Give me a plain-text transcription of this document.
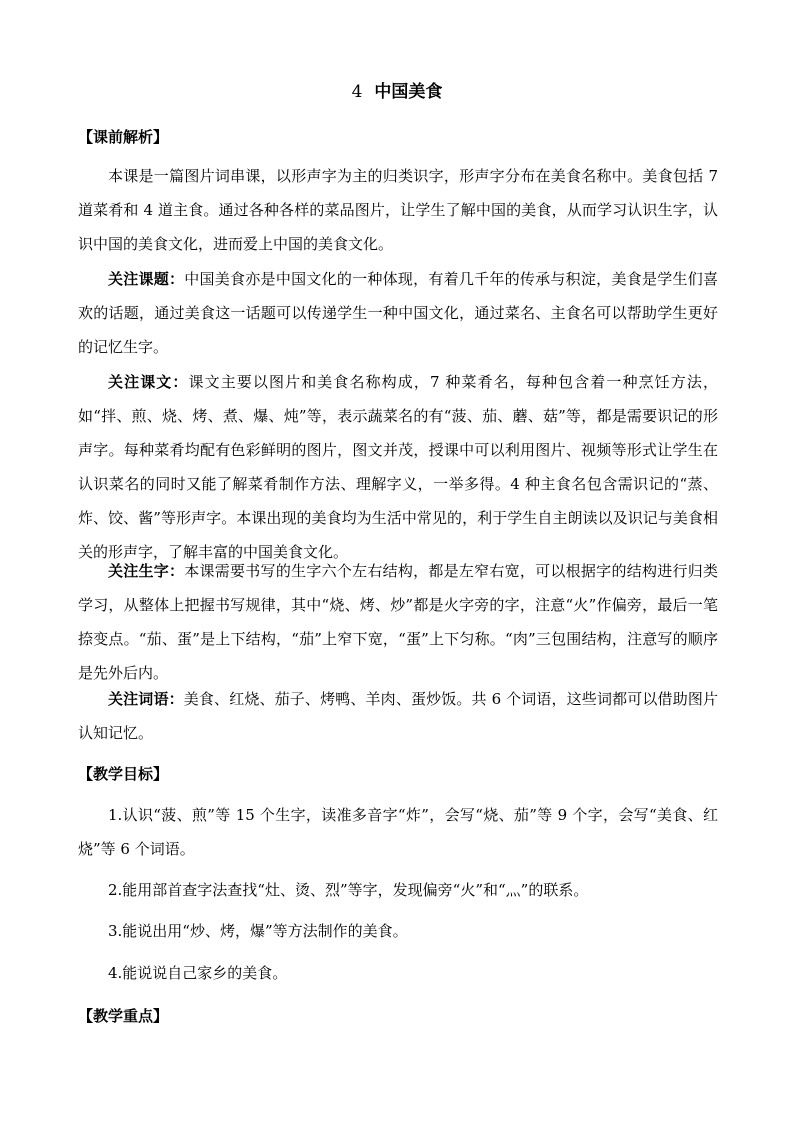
4 中国美食
【课前解析】
本课是一篇图片词串课，以形声字为主的归类识字，形声字分布在美食名称中。美食包括 7 道菜肴和 4 道主食。通过各种各样的菜品图片，让学生了解中国的美食，从而学习认识生字，认识中国的美食文化，进而爱上中国的美食文化。
关注课题：中国美食亦是中国文化的一种体现，有着几千年的传承与积淀，美食是学生们喜欢的话题，通过美食这一话题可以传递学生一种中国文化，通过菜名、主食名可以帮助学生更好的记忆生字。
关注课文：课文主要以图片和美食名称构成，7 种菜肴名，每种包含着一种烹饪方法，如“拌、煎、烧、烤、煮、爆、炖”等，表示蔬菜名的有“菠、茄、蘑、菇”等，都是需要识记的形声字。每种菜肴均配有色彩鲜明的图片，图文并茂，授课中可以利用图片、视频等形式让学生在认识菜名的同时又能了解菜肴制作方法、理解字义，一举多得。4 种主食名包含需识记的“蒸、炸、饺、酱”等形声字。本课出现的美食均为生活中常见的，利于学生自主朗读以及识记与美食相关的形声字，了解丰富的中国美食文化。
关注生字：本课需要书写的生字六个左右结构，都是左窄右宽，可以根据字的结构进行归类学习，从整体上把握书写规律，其中“烧、烤、炒”都是火字旁的字，注意“火”作偏旁，最后一笔捺变点。“茄、蛋”是上下结构，“茄”上窄下宽，“蛋”上下匀称。“肉”三包围结构，注意写的顺序是先外后内。
关注词语：美食、红烧、茄子、烤鸭、羊肉、蛋炒饭。共 6 个词语，这些词都可以借助图片认知记忆。
【教学目标】
1.认识“菠、煎”等 15 个生字，读准多音字“炸”，会写“烧、茄”等 9 个字，会写“美食、红烧”等 6 个词语。
2.能用部首查字法查找“灶、烫、烈”等字，发现偏旁“火”和“灬”的联系。
3.能说出用“炒、烤，爆”等方法制作的美食。
4.能说说自己家乡的美食。
【教学重点】
